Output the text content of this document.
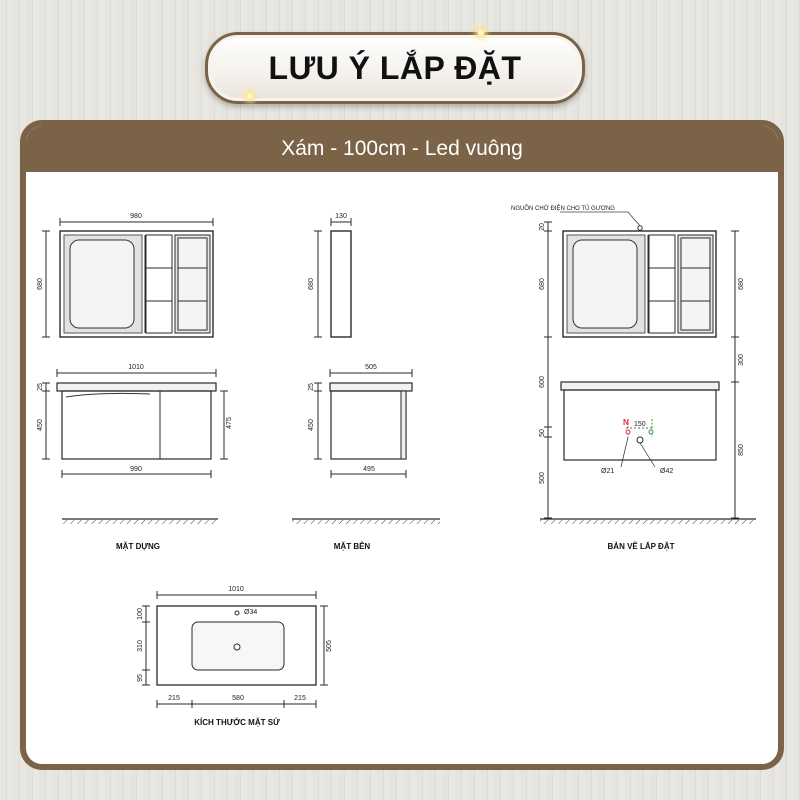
LƯU Ý LẮP ĐẶT
Xám - 100cm - Led vuông
980
680
1010
25
450	475
990
MẶT DỰNG
130
680
505
25
450
495
MẶT BÊN
NGUỒN CHỜ ĐIỆN CHO TỦ GƯƠNG
20
680
600
50
500
680
300
850
150
N
Ø21	Ø42
BẢN VẼ LẮP ĐẶT
1010
Ø34
100
310
95
505
215	580	215
KÍCH THƯỚC MẶT SỨ
